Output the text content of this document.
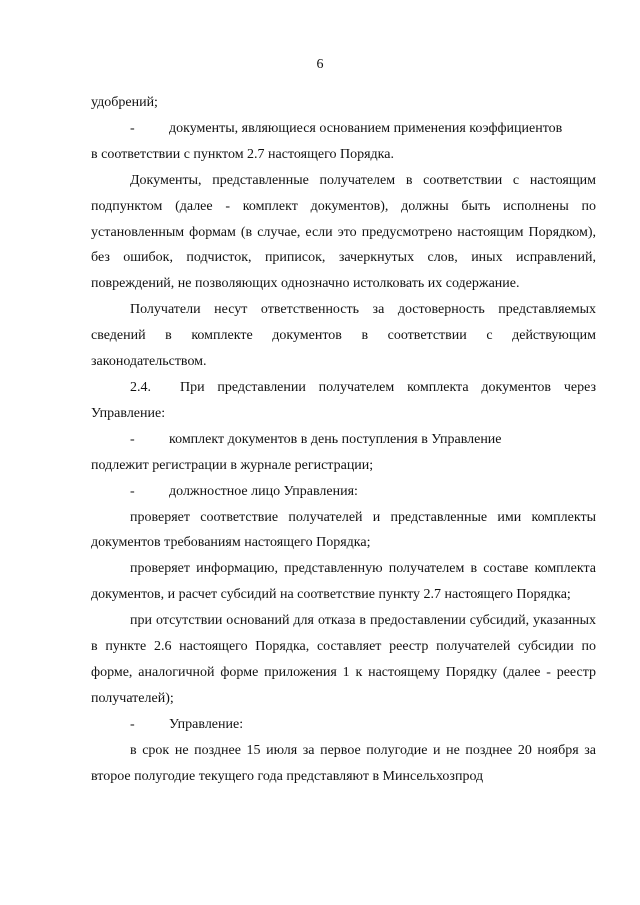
6

удобрений;

-	документы, являющиеся основанием применения коэффициентов

в соответствии с пунктом 2.7 настоящего Порядка.

Документы, представленные получателем в соответствии с настоящим подпунктом (далее - комплект документов), должны быть исполнены по установленным формам (в случае, если это предусмотрено настоящим Порядком), без ошибок, подчисток, приписок, зачеркнутых слов, иных исправлений, повреждений, не позволяющих однозначно истолковать их содержание.

Получатели несут ответственность за достоверность представляемых сведений в комплекте документов в соответствии с действующим законодательством.

2.4. При представлении получателем комплекта документов через Управление:

-	комплект документов в день поступления в Управление

подлежит регистрации в журнале регистрации;

-	должностное лицо Управления:

проверяет соответствие получателей и представленные ими комплекты документов требованиям настоящего Порядка;

проверяет информацию, представленную получателем в составе комплекта документов, и расчет субсидий на соответствие пункту 2.7 настоящего Порядка;

при отсутствии оснований для отказа в предоставлении субсидий, указанных в пункте 2.6 настоящего Порядка, составляет реестр получателей субсидии по форме, аналогичной форме приложения 1 к настоящему Порядку (далее - реестр получателей);

-	Управление:

в срок не позднее 15 июля за первое полугодие и не позднее 20 ноября за второе полугодие текущего года представляют в Минсельхозпрод
